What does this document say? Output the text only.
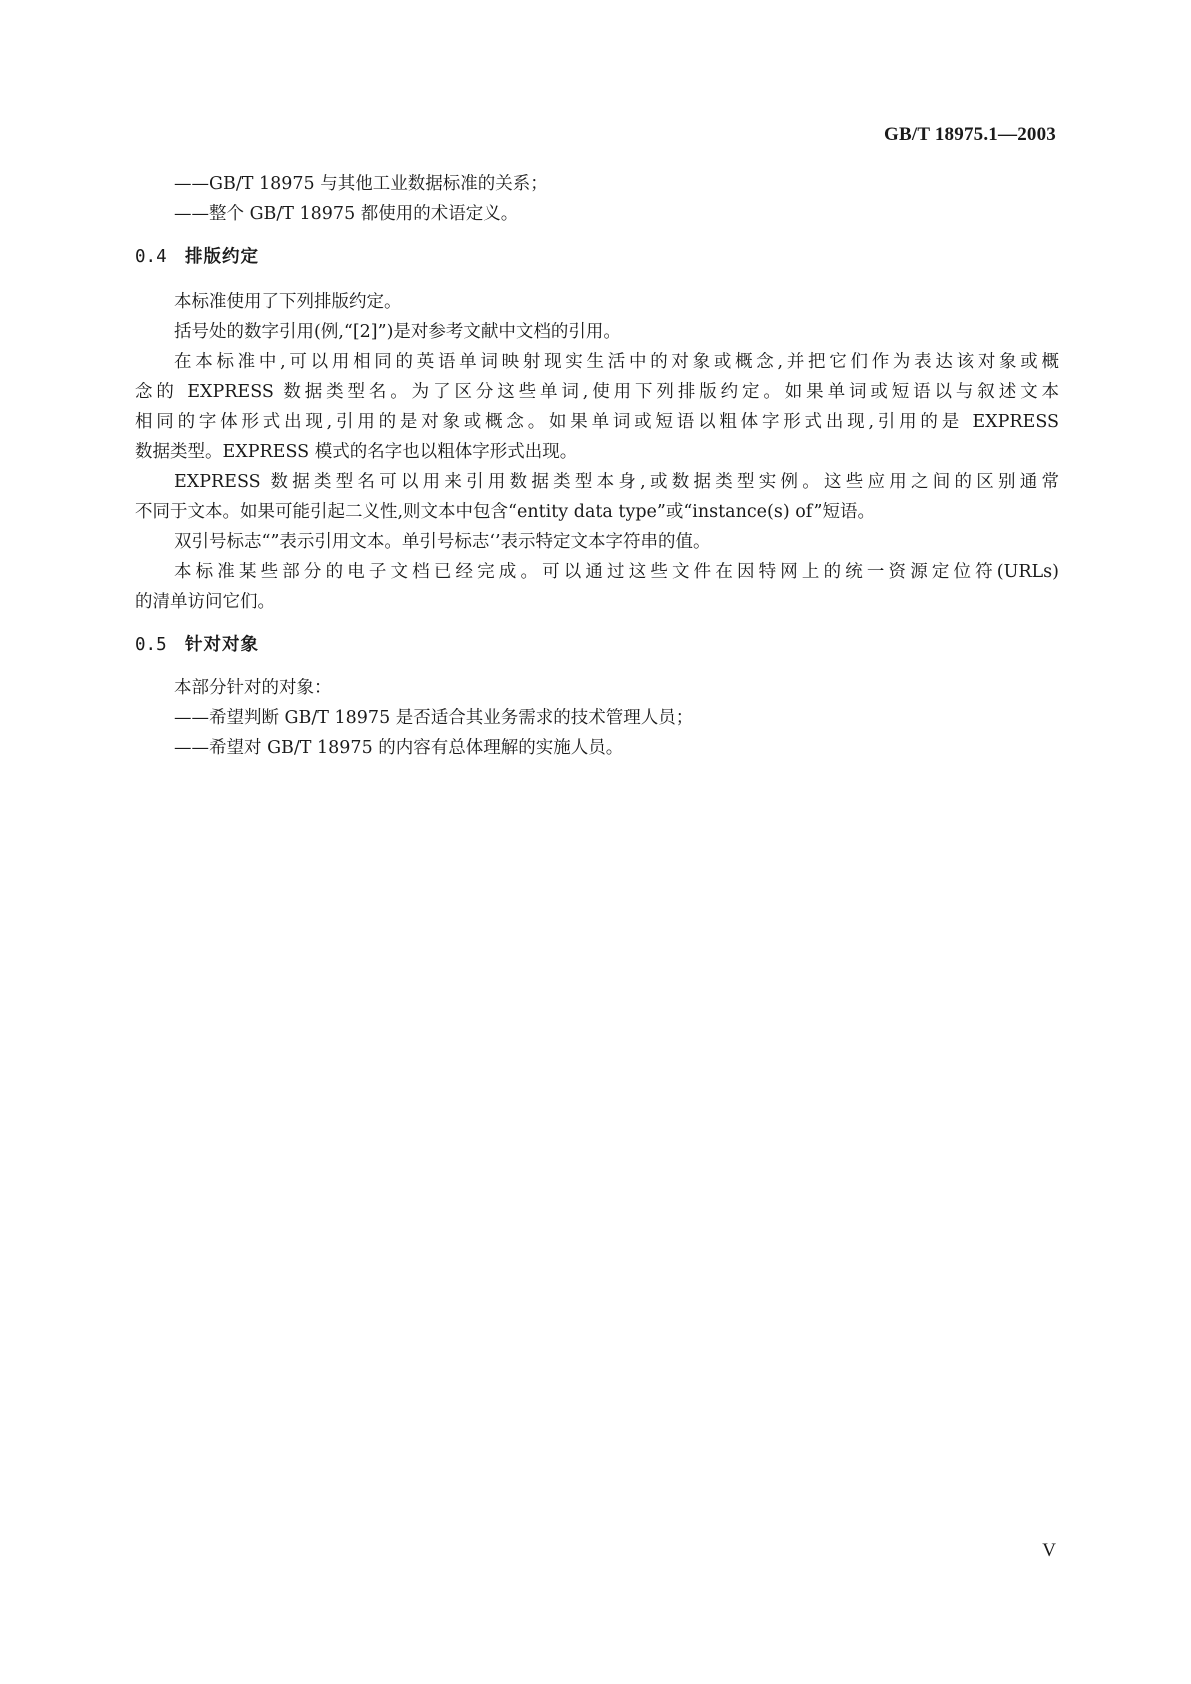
GB/T 18975.1—2003
——GB/T 18975 与其他工业数据标准的关系；
——整个 GB/T 18975 都使用的术语定义。
0.4 排版约定
本标准使用了下列排版约定。
括号处的数字引用(例,“[2]”)是对参考文献中文档的引用。
在本标准中,可以用相同的英语单词映射现实生活中的对象或概念,并把它们作为表达该对象或概
念的 EXPRESS 数据类型名。为了区分这些单词,使用下列排版约定。如果单词或短语以与叙述文本
相同的字体形式出现,引用的是对象或概念。如果单词或短语以粗体字形式出现,引用的是 EXPRESS
数据类型。EXPRESS 模式的名字也以粗体字形式出现。
EXPRESS 数据类型名可以用来引用数据类型本身,或数据类型实例。这些应用之间的区别通常
不同于文本。如果可能引起二义性,则文本中包含“entity data type”或“instance(s) of”短语。
双引号标志“”表示引用文本。单引号标志‘’表示特定文本字符串的值。
本标准某些部分的电子文档已经完成。可以通过这些文件在因特网上的统一资源定位符(URLs)
的清单访问它们。
0.5 针对对象
本部分针对的对象：
——希望判断 GB/T 18975 是否适合其业务需求的技术管理人员；
——希望对 GB/T 18975 的内容有总体理解的实施人员。
V
